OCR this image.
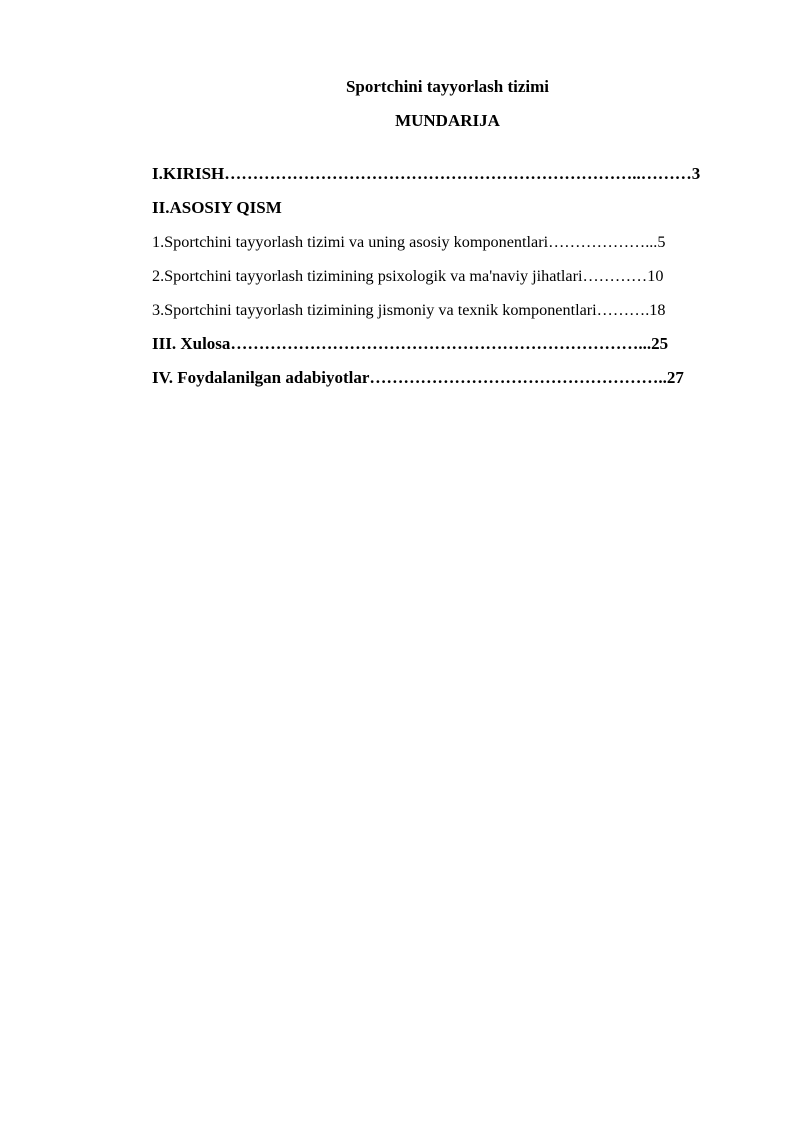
Sportchini tayyorlash tizimi
MUNDARIJA
I.KIRISH………………………………………………………………..………3
II.ASOSIY QISM
1.Sportchini tayyorlash tizimi va uning asosiy komponentlari………………...5
2.Sportchini tayyorlash tizimining psixologik va ma'naviy jihatlari…………10
3.Sportchini tayyorlash tizimining jismoniy va texnik komponentlari……….18
III. Xulosa………………………………………………………………...25
IV. Foydalanilgan adabiyotlar……………………………………………..27
